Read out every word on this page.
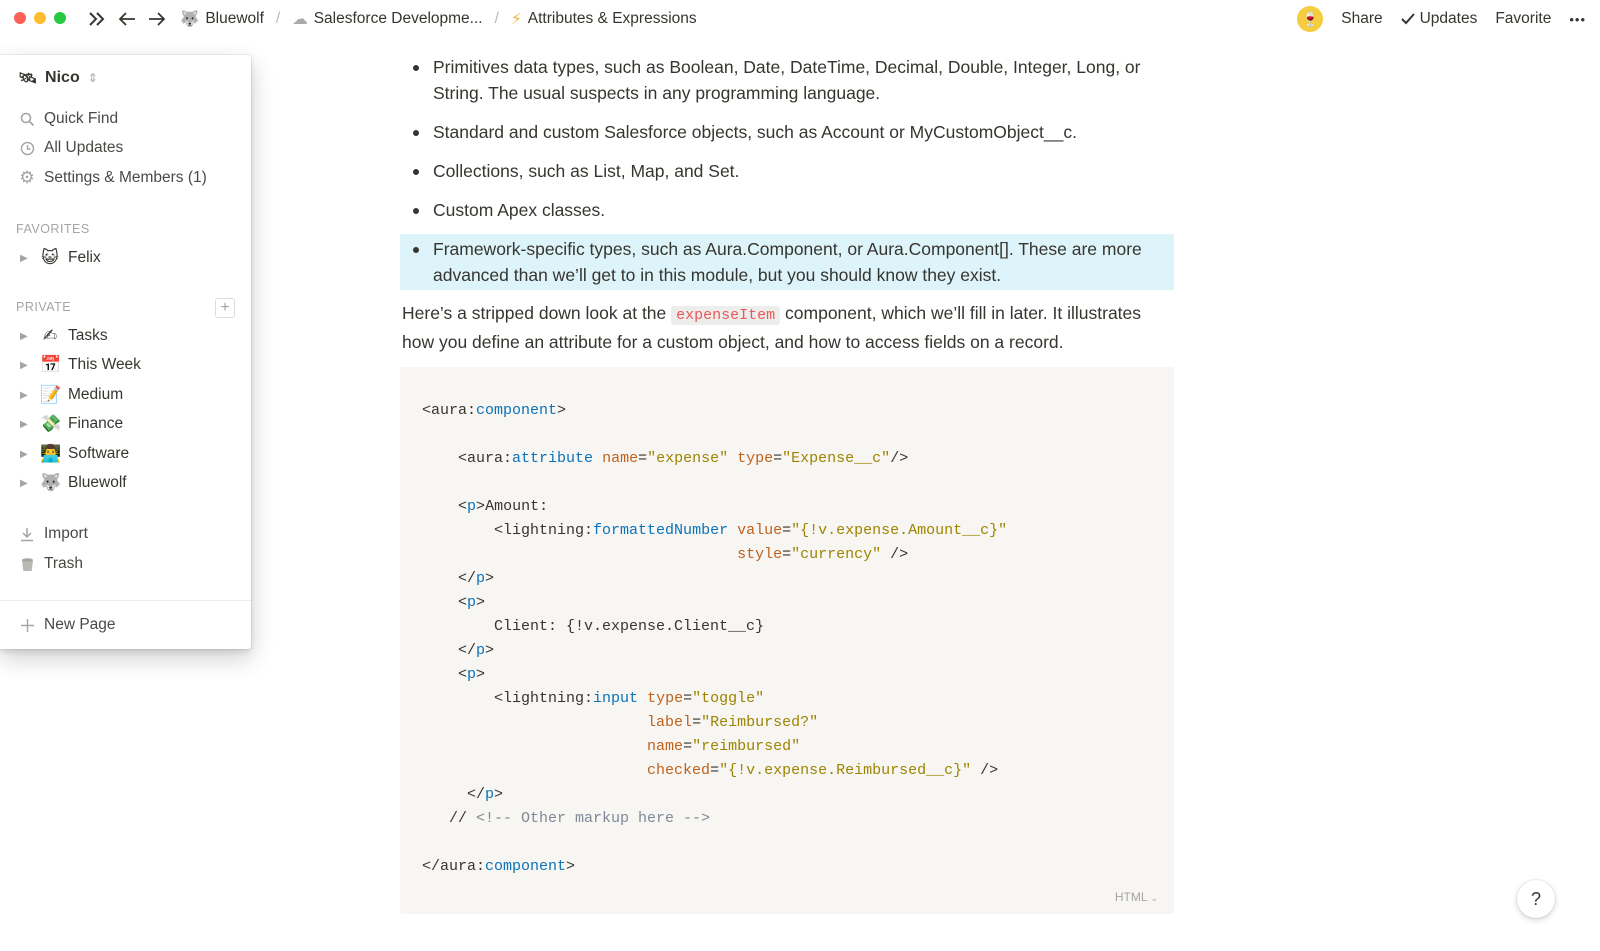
🐺 Bluewolf / ☁ Salesforce Developme... / ⚡ Attributes & Expressions	🍷 Share Updates Favorite •••
🛰 Nico ⇕
Quick Find
All Updates
⚙ Settings & Members (1)
FAVORITES
▶ 😺 Felix
PRIVATE	+
▶ ✍ Tasks
▶ 📅 This Week
▶ 📝 Medium
▶ 💸 Finance
▶ 👨‍💻 Software
▶ 🐺 Bluewolf
Import
Trash
New Page
Primitives data types, such as Boolean, Date, DateTime, Decimal, Double, Integer, Long, or String. The usual suspects in any programming language.
Standard and custom Salesforce objects, such as Account or MyCustomObject__c.
Collections, such as List, Map, and Set.
Custom Apex classes.
Framework-specific types, such as Aura.Component, or Aura.Component[]. These are more advanced than we’ll get to in this module, but you should know they exist.
Here’s a stripped down look at the expenseItem component, which we’ll fill in later. It illustrates how you define an attribute for a custom object, and how to access fields on a record.
<aura:component>

<aura:attribute name="expense" type="Expense__c"/>

<p>Amount:
<lightning:formattedNumber value="{!v.expense.Amount__c}"
style="currency" />
</p>
<p>
Client: {!v.expense.Client__c}
</p>
<p>
<lightning:input type="toggle"
label="Reimbursed?"
name="reimbursed"
checked="{!v.expense.Reimbursed__c}" />
</p>
// <!-- Other markup here -->

</aura:component>
HTML ⌄	?
